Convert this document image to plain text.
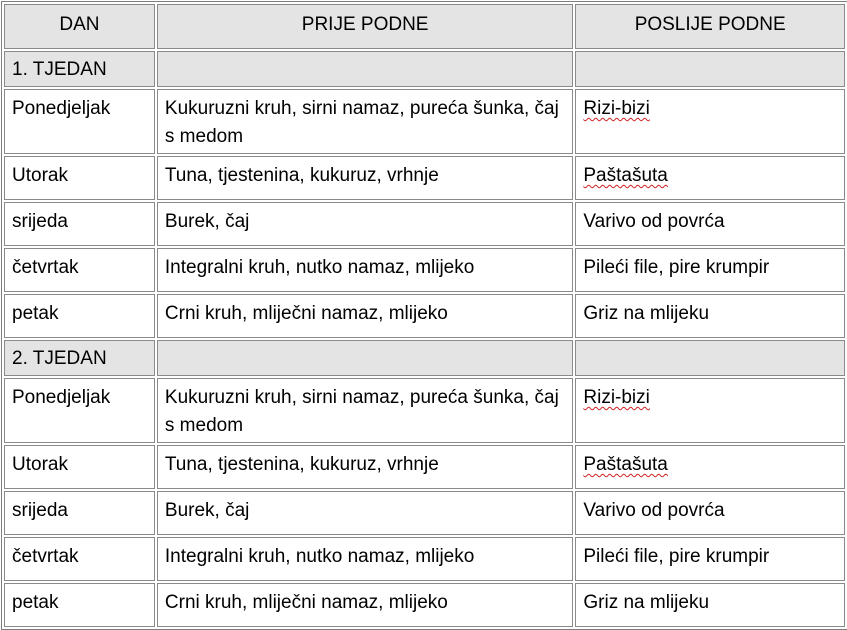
DAN	PRIJE PODNE	POSLIJE PODNE
1. TJEDAN		
Ponedjeljak	Kukuruzni kruh, sirni namaz, pureća šunka, čaj s medom	Rizi-bizi
Utorak	Tuna, tjestenina, kukuruz, vrhnje	Paštašuta
srijeda	Burek, čaj	Varivo od povrća
četvrtak	Integralni kruh, nutko namaz, mlijeko	Pileći file, pire krumpir
petak	Crni kruh, mliječni namaz, mlijeko	Griz na mlijeku
2. TJEDAN		
Ponedjeljak	Kukuruzni kruh, sirni namaz, pureća šunka, čaj s medom	Rizi-bizi
Utorak	Tuna, tjestenina, kukuruz, vrhnje	Paštašuta
srijeda	Burek, čaj	Varivo od povrća
četvrtak	Integralni kruh, nutko namaz, mlijeko	Pileći file, pire krumpir
petak	Crni kruh, mliječni namaz, mlijeko	Griz na mlijeku
